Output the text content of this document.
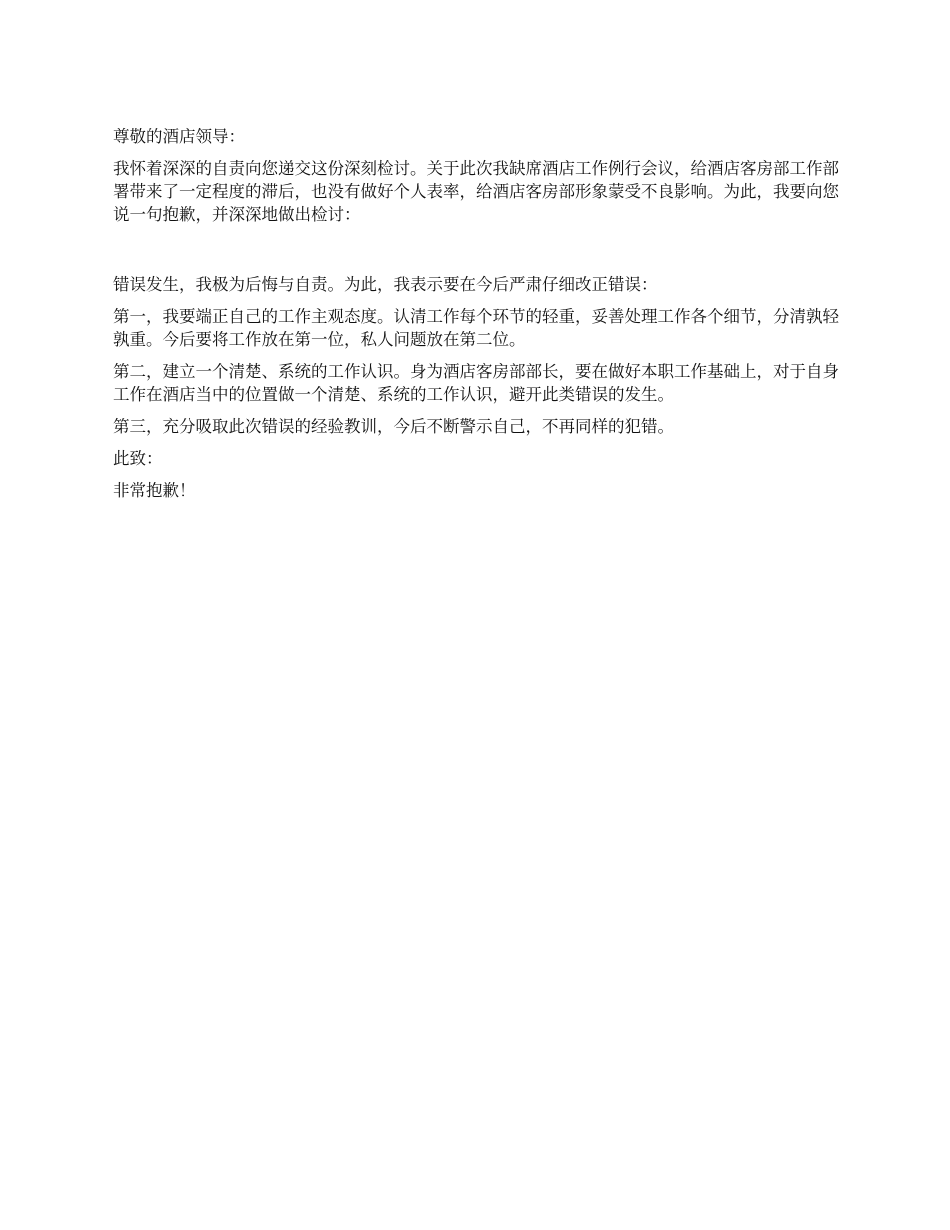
尊敬的酒店领导：

我怀着深深的自责向您递交这份深刻检讨。关于此次我缺席酒店工作例行会议，给酒店客房部工作部署带来了一定程度的滞后，也没有做好个人表率，给酒店客房部形象蒙受不良影响。为此，我要向您说一句抱歉，并深深地做出检讨：

错误发生，我极为后悔与自责。为此，我表示要在今后严肃仔细改正错误：

第一，我要端正自己的工作主观态度。认清工作每个环节的轻重，妥善处理工作各个细节，分清孰轻孰重。今后要将工作放在第一位，私人问题放在第二位。

第二，建立一个清楚、系统的工作认识。身为酒店客房部部长，要在做好本职工作基础上，对于自身工作在酒店当中的位置做一个清楚、系统的工作认识，避开此类错误的发生。

第三，充分吸取此次错误的经验教训，今后不断警示自己，不再同样的犯错。

此致：

非常抱歉！
